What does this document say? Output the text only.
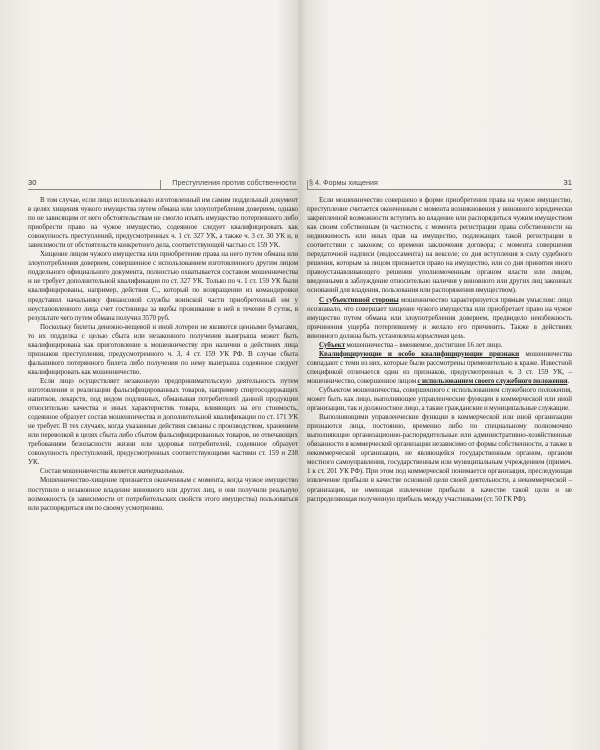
30	Преступления против собственности

В том случае, если лицо использовало изготовленный им самим поддельный документ в целях хищения чужого имущества путем обмана или злоупотребления доверием, однако по не зависящим от него обстоятельствам не смогло изъять имущество потерпевшего либо приобрести право на чужое имущество, содеянное следует квалифицировать как совокупность преступлений, предусмотренных ч. 1 ст. 327 УК, а также ч. 3 ст. 30 УК и, в зависимости от обстоятельств конкретного дела, соответствующей частью ст. 159 УК.

Хищение лицом чужого имущества или приобретение права на него путем обмана или злоупотребления доверием, совершенное с использованием изготовленного другим лицом поддельного официального документа, полностью охватывается составом мошенничества и не требует дополнительной квалификации по ст. 327 УК. Только по ч. 1 ст. 159 УК были квалифицированы, например, действия С., который по возвращении из командировки представил начальнику финансовой службы воинской части приобретенный им у неустановленного лица счет гостиницы за якобы проживание в ней в течение 8 суток, в результате чего путем обмана получил 3570 руб.

Поскольку билеты денежно-вещевой и иной лотереи не являются ценными бумагами, то их подделка с целью сбыта или незаконного получения выигрыша может быть квалифицирована как приготовление к мошенничеству при наличии в действиях лица признаков преступления, предусмотренного ч. 3, 4 ст. 159 УК РФ. В случае сбыта фальшивого потерянного билета либо получения по нему выигрыша содеянное следует квалифицировать как мошенничество.

Если лицо осуществляет незаконную предпринимательскую деятельность путем изготовления и реализации фальсифицированных товаров, например спиртосодержащих напитков, лекарств, под видом подлинных, обманывая потребителей данной продукции относительно качества и иных характеристик товара, влияющих на его стоимость, содеянное образует состав мошенничества и дополнительной квалификации по ст. 171 УК не требует. В тех случаях, когда указанные действия связаны с производством, хранением или перевозкой в целях сбыта либо сбытом фальсифицированных товаров, не отвечающих требованиям безопасности жизни или здоровья потребителей, содеянное образует совокупность преступлений, предусмотренных соответствующими частями ст. 159 и 238 УК.

Состав мошенничества является материальным.

Мошенничество-хищение признается оконченным с момента, когда чужое имущество поступило в незаконное владение виновного или других лиц, и они получили реальную возможность (в зависимости от потребительских свойств этого имущества) пользоваться или распорядиться им по своему усмотрению.

§ 4. Формы хищения	31

Если мошенничество совершено в форме приобретения права на чужое имущество, преступление считается оконченным с момента возникновения у виновного юридически закрепленной возможности вступить во владение или распорядиться чужим имуществом как своим собственным (в частности, с момента регистрации права собственности на недвижимость или иных прав на имущество, подлежащих такой регистрации в соответствии с законом; со времени заключения договора; с момента совершения передаточной надписи (индоссамента) на векселе; со дня вступления в силу судебного решения, которым за лицом признается право на имущество, или со дня принятия иного правоустанавливающего решения уполномоченным органом власти или лицом, введенными в заблуждение относительно наличия у виновного или других лиц законных оснований для владения, пользования или распоряжения имуществом).

С субъективной стороны мошенничество характеризуется прямым умыслом: лицо осознавало, что совершает хищение чужого имущества или приобретает право на чужое имущество путем обмана или злоупотребления доверием, предвидело неизбежность причинения ущерба потерпевшему и желало его причинить. Также в действиях виновного должна быть установлена корыстная цель.

Субъект мошенничества – вменяемое, достигшее 16 лет лицо.

Квалифицирующие и особо квалифицирующие признаки мошенничества совпадают с теми из них, которые были рассмотрены применительно к краже. Известной спецификой отличается один из признаков, предусмотренных ч. 3 ст. 159 УК, – мошенничество, совершенное лицом с использованием своего служебного положения.

Субъектом мошенничества, совершенного с использованием служебного положения, может быть как лицо, выполняющее управленческие функции в коммерческой или иной организации, так и должностное лицо, а также гражданские и муниципальные служащие.

Выполняющими управленческие функции в коммерческой или иной организации признаются лица, постоянно, временно либо по специальному полномочию выполняющие организационно-распорядительные или административно-хозяйственные обязанности в коммерческой организации независимо от формы собственности, а также в некоммерческой организации, не являющейся государственным органом, органом местного самоуправления, государственным или муниципальным учреждением (примеч. 1 к ст. 201 УК РФ). При этом под коммерческой понимается организация, преследующая извлечение прибыли в качестве основной цели своей деятельности, а некоммерческой – организация, не имеющая извлечение прибыли в качестве такой цели и не распределяющая полученную прибыль между участниками (ст. 50 ГК РФ).
